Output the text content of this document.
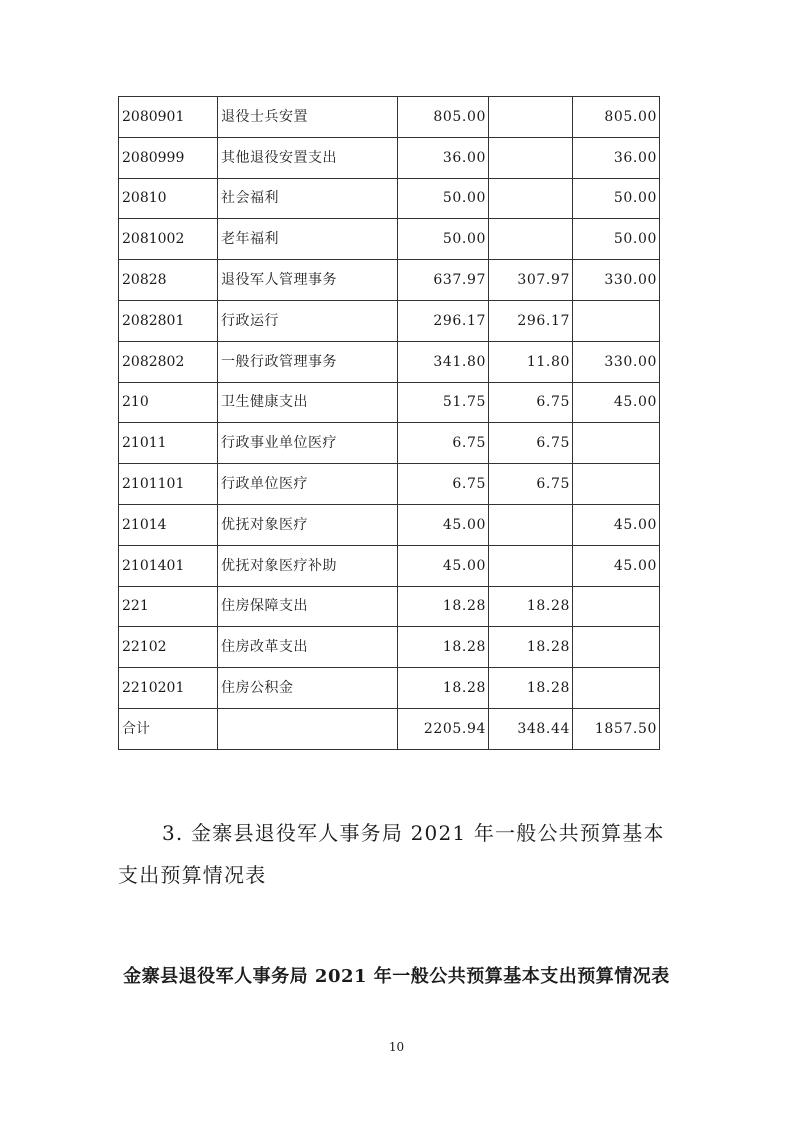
2080901	退役士兵安置	805.00		805.00
2080999	其他退役安置支出	36.00		36.00
20810	社会福利	50.00		50.00
2081002	老年福利	50.00		50.00
20828	退役军人管理事务	637.97	307.97	330.00
2082801	行政运行	296.17	296.17	
2082802	一般行政管理事务	341.80	11.80	330.00
210	卫生健康支出	51.75	6.75	45.00
21011	行政事业单位医疗	6.75	6.75	
2101101	行政单位医疗	6.75	6.75	
21014	优抚对象医疗	45.00		45.00
2101401	优抚对象医疗补助	45.00		45.00
221	住房保障支出	18.28	18.28	
22102	住房改革支出	18.28	18.28	
2210201	住房公积金	18.28	18.28	
合计		2205.94	348.44	1857.50

3. 金寨县退役军人事务局 2021 年一般公共预算基本支出预算情况表

金寨县退役军人事务局 2021 年一般公共预算基本支出预算情况表

10
